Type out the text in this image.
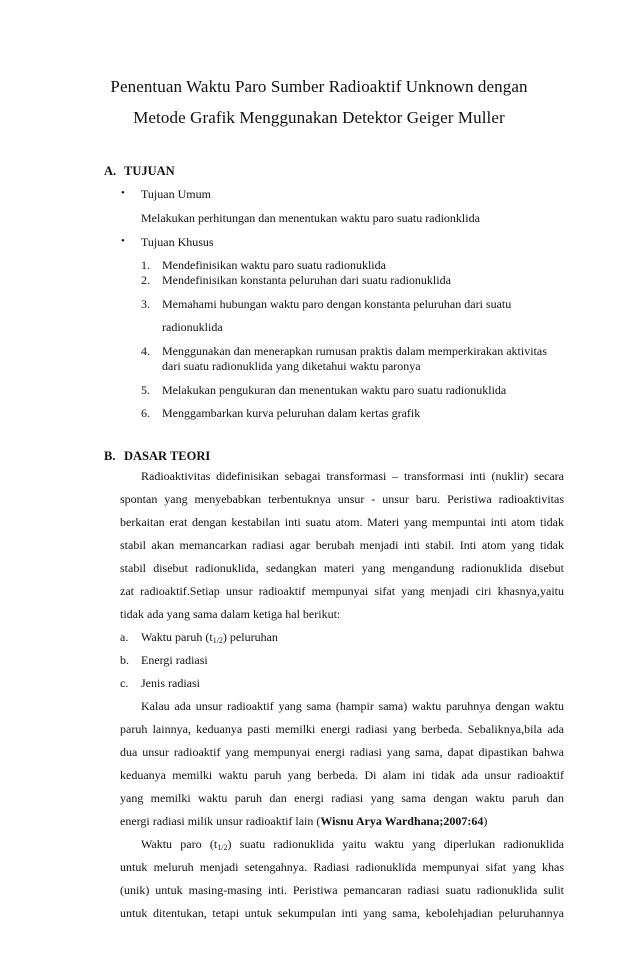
Penentuan Waktu Paro Sumber Radioaktif Unknown dengan
Metode Grafik Menggunakan Detektor Geiger Muller
A. TUJUAN
• Tujuan Umum
Melakukan perhitungan dan menentukan waktu paro suatu radionklida
• Tujuan Khusus
1. Mendefinisikan waktu paro suatu radionuklida
2. Mendefinisikan konstanta peluruhan dari suatu radionuklida
3. Memahami hubungan waktu paro dengan konstanta peluruhan dari suatu
radionuklida
4. Menggunakan dan menerapkan rumusan praktis dalam memperkirakan aktivitas
dari suatu radionuklida yang diketahui waktu paronya
5. Melakukan pengukuran dan menentukan waktu paro suatu radionuklida
6. Menggambarkan kurva peluruhan dalam kertas grafik
B. DASAR TEORI
Radioaktivitas didefinisikan sebagai transformasi – transformasi inti (nuklir) secara
spontan yang menyebabkan terbentuknya unsur - unsur baru. Peristiwa radioaktivitas
berkaitan erat dengan kestabilan inti suatu atom. Materi yang mempuntai inti atom tidak
stabil akan memancarkan radiasi agar berubah menjadi inti stabil. Inti atom yang tidak
stabil disebut radionuklida, sedangkan materi yang mengandung radionuklida disebut
zat radioaktif.Setiap unsur radioaktif mempunyai sifat yang menjadi ciri khasnya,yaitu
tidak ada yang sama dalam ketiga hal berikut:
a. Waktu paruh $(t_{1/2})$ peluruhan
b. Energi radiasi
c. Jenis radiasi
Kalau ada unsur radioaktif yang sama (hampir sama) waktu paruhnya dengan waktu
paruh lainnya, keduanya pasti memilki energi radiasi yang berbeda. Sebaliknya,bila ada
dua unsur radioaktif yang mempunyai energi radiasi yang sama, dapat dipastikan bahwa
keduanya memilki waktu paruh yang berbeda. Di alam ini tidak ada unsur radioaktif
yang memilki waktu paruh dan energi radiasi yang sama dengan waktu paruh dan
energi radiasi milik unsur radioaktif lain (Wisnu Arya Wardhana;2007:64)
Waktu paro $(t_{1/2})$ suatu radionuklida yaitu waktu yang diperlukan radionuklida
untuk meluruh menjadi setengahnya. Radiasi radionuklida mempunyai sifat yang khas
(unik) untuk masing-masing inti. Peristiwa pemancaran radiasi suatu radionuklida sulit
untuk ditentukan, tetapi untuk sekumpulan inti yang sama, kebolehjadian peluruhannya
